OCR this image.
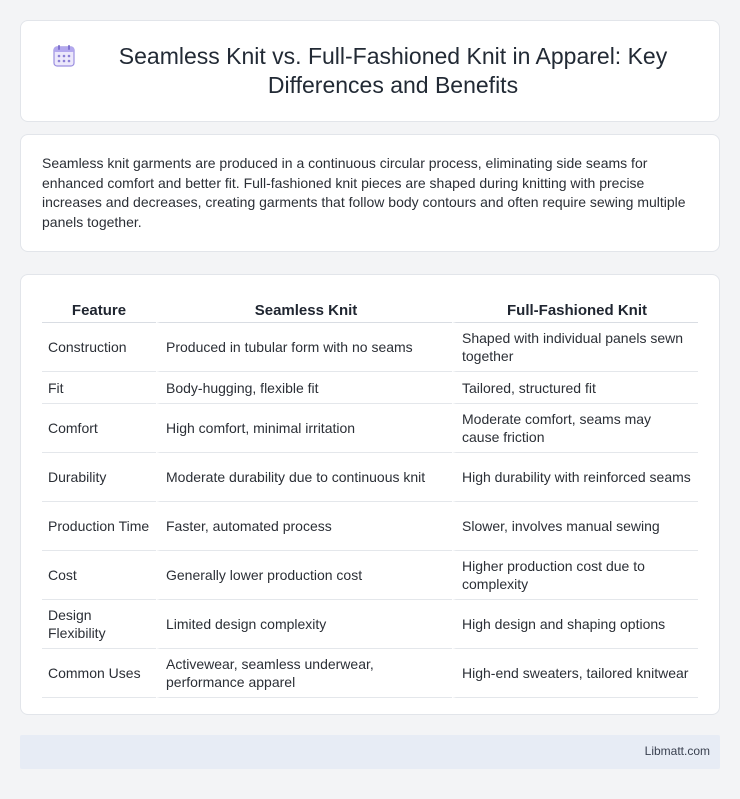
Seamless Knit vs. Full-Fashioned Knit in Apparel: Key Differences and Benefits

Seamless knit garments are produced in a continuous circular process, eliminating side seams for enhanced comfort and better fit. Full-fashioned knit pieces are shaped during knitting with precise increases and decreases, creating garments that follow body contours and often require sewing multiple panels together.

Feature	Seamless Knit	Full-Fashioned Knit
Construction	Produced in tubular form with no seams	Shaped with individual panels sewn together
Fit	Body-hugging, flexible fit	Tailored, structured fit
Comfort	High comfort, minimal irritation	Moderate comfort, seams may cause friction
Durability	Moderate durability due to continuous knit	High durability with reinforced seams
Production Time	Faster, automated process	Slower, involves manual sewing
Cost	Generally lower production cost	Higher production cost due to complexity
Design Flexibility	Limited design complexity	High design and shaping options
Common Uses	Activewear, seamless underwear, performance apparel	High-end sweaters, tailored knitwear
Libmatt.com
